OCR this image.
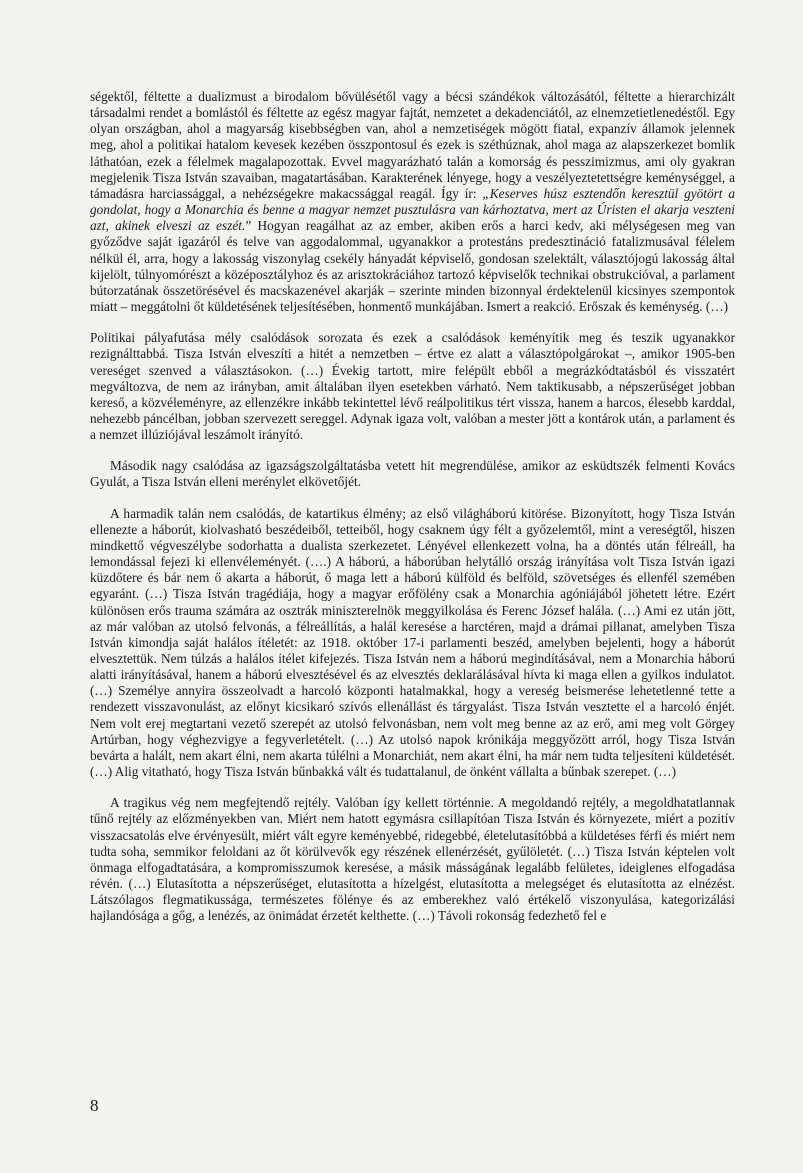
ségektől, féltette a dualizmust a birodalom bővülésétől vagy a bécsi szándékok változásától, féltette a hierarchizált társadalmi rendet a bomlástól és féltette az egész magyar fajtát, nemzetet a dekadenciától, az elnemzetietlenedéstől. Egy olyan országban, ahol a magyarság kisebbségben van, ahol a nemzetiségek mögött fiatal, expanzív államok jelennek meg, ahol a politikai hatalom kevesek kezében összpontosul és ezek is széthúznak, ahol maga az alapszerkezet bomlik láthatóan, ezek a félelmek magalapozottak. Evvel magyarázható talán a komorság és pesszimizmus, ami oly gyakran megjelenik Tisza István szavaiban, magatartásában. Karakterének lényege, hogy a veszélyeztetettségre keménységgel, a támadásra harciassággal, a nehézségekre makacssággal reagál. Így ír: „Keserves húsz esztendőn keresztül gyötört a gondolat, hogy a Monarchia és benne a magyar nemzet pusztulásra van kárhoztatva, mert az Úristen el akarja veszteni azt, akinek elveszi az eszét.” Hogyan reagálhat az az ember, akiben erős a harci kedv, aki mélységesen meg van győződve saját igazáról és telve van aggodalommal, ugyanakkor a protestáns predesztináció fatalizmusával félelem nélkül él, arra, hogy a lakosság viszonylag csekély hányadát képviselő, gondosan szelektált, választójogú lakosság által kijelölt, túlnyomórészt a középosztályhoz és az arisztokráciához tartozó képviselők technikai obstrukcióval, a parlament bútorzatának összetörésével és macskazenével akarják – szerinte minden bizonnyal érdektelenül kicsinyes szempontok miatt – meggátolni őt küldetésének teljesítésében, honmentő munkájában. Ismert a reakció. Erőszak és keménység. (…)

Politikai pályafutása mély csalódások sorozata és ezek a csalódások keményítik meg és teszik ugyanakkor rezignálttabbá. Tisza István elveszíti a hitét a nemzetben – értve ez alatt a választópolgárokat –, amikor 1905-ben vereséget szenved a választásokon. (…) Évekig tartott, mire felépült ebből a megrázkódtatásból és visszatért megváltozva, de nem az irányban, amit általában ilyen esetekben várható. Nem taktikusabb, a népszerűséget jobban kereső, a közvéleményre, az ellenzékre inkább tekintettel lévő reálpolitikus tért vissza, hanem a harcos, élesebb karddal, nehezebb páncélban, jobban szervezett sereggel. Adynak igaza volt, valóban a mester jött a kontárok után, a parlament és a nemzet illúziójával leszámolt irányító.

Második nagy csalódása az igazságszolgáltatásba vetett hit megrendülése, amikor az esküdtszék felmenti Kovács Gyulát, a Tisza István elleni merénylet elkövetőjét.

A harmadik talán nem csalódás, de katartikus élmény; az első világháború kitörése. Bizonyított, hogy Tisza István ellenezte a háborút, kiolvasható beszédeiből, tetteiből, hogy csaknem úgy félt a győzelemtől, mint a vereségtől, hiszen mindkettő végveszélybe sodorhatta a dualista szerkezetet. Lényével ellenkezett volna, ha a döntés után félreáll, ha lemondással fejezi ki ellenvéleményét. (….) A háború, a háborúban helytálló ország irányítása volt Tisza István igazi küzdőtere és bár nem ő akarta a háborút, ő maga lett a háború külföld és belföld, szövetséges és ellenfél szemében egyaránt. (…) Tisza István tragédiája, hogy a magyar erőfölény csak a Monarchia agóniájából jöhetett létre. Ezért különösen erős trauma számára az osztrák miniszterelnök meggyilkolása és Ferenc József halála. (…) Ami ez után jött, az már valóban az utolsó felvonás, a félreállítás, a halál keresése a harctéren, majd a drámai pillanat, amelyben Tisza István kimondja saját halálos ítéletét: az 1918. október 17-i parlamenti beszéd, amelyben bejelenti, hogy a háborút elvesztettük. Nem túlzás a halálos ítélet kifejezés. Tisza István nem a háború megindításával, nem a Monarchia háború alatti irányításával, hanem a háború elvesztésével és az elvesztés deklarálásával hívta ki maga ellen a gyilkos indulatot. (…) Személye annyira összeolvadt a harcoló központi hatalmakkal, hogy a vereség beismerése lehetetlenné tette a rendezett visszavonulást, az előnyt kicsikaró szívós ellenállást és tárgyalást. Tisza István vesztette el a harcoló énjét. Nem volt erej megtartani vezető szerepét az utolsó felvonásban, nem volt meg benne az az erő, ami meg volt Görgey Artúrban, hogy véghezvigye a fegyverletételt. (…) Az utolsó napok krónikája meggyőzött arról, hogy Tisza István bevárta a halált, nem akart élni, nem akarta túlélni a Monarchiát, nem akart élni, ha már nem tudta teljesíteni küldetését. (…) Alig vitatható, hogy Tisza István bűnbakká vált és tudattalanul, de önként vállalta a bűnbak szerepet. (…)

A tragikus vég nem megfejtendő rejtély. Valóban így kellett történnie. A megoldandó rejtély, a megoldhatatlannak tűnő rejtély az előzményekben van. Miért nem hatott egymásra csillapítóan Tisza István és környezete, miért a pozitív visszacsatolás elve érvényesült, miért vált egyre keményebbé, ridegebbé, életelutasítóbbá a küldetéses férfi és miért nem tudta soha, semmikor feloldani az őt körülvevők egy részének ellenérzését, gyűlöletét. (…) Tisza István képtelen volt önmaga elfogadtatására, a kompromisszumok keresése, a másik másságának legalább felületes, ideiglenes elfogadása révén. (…) Elutasította a népszerűséget, elutasította a hízelgést, elutasította a melegséget és elutasította az elnézést. Látszólagos flegmatikussága, természetes fölénye és az emberekhez való értékelő viszonyulása, kategorizálási hajlandósága a gőg, a lenézés, az önimádat érzetét kelthette. (…) Távoli rokonság fedezhető fel e

8
